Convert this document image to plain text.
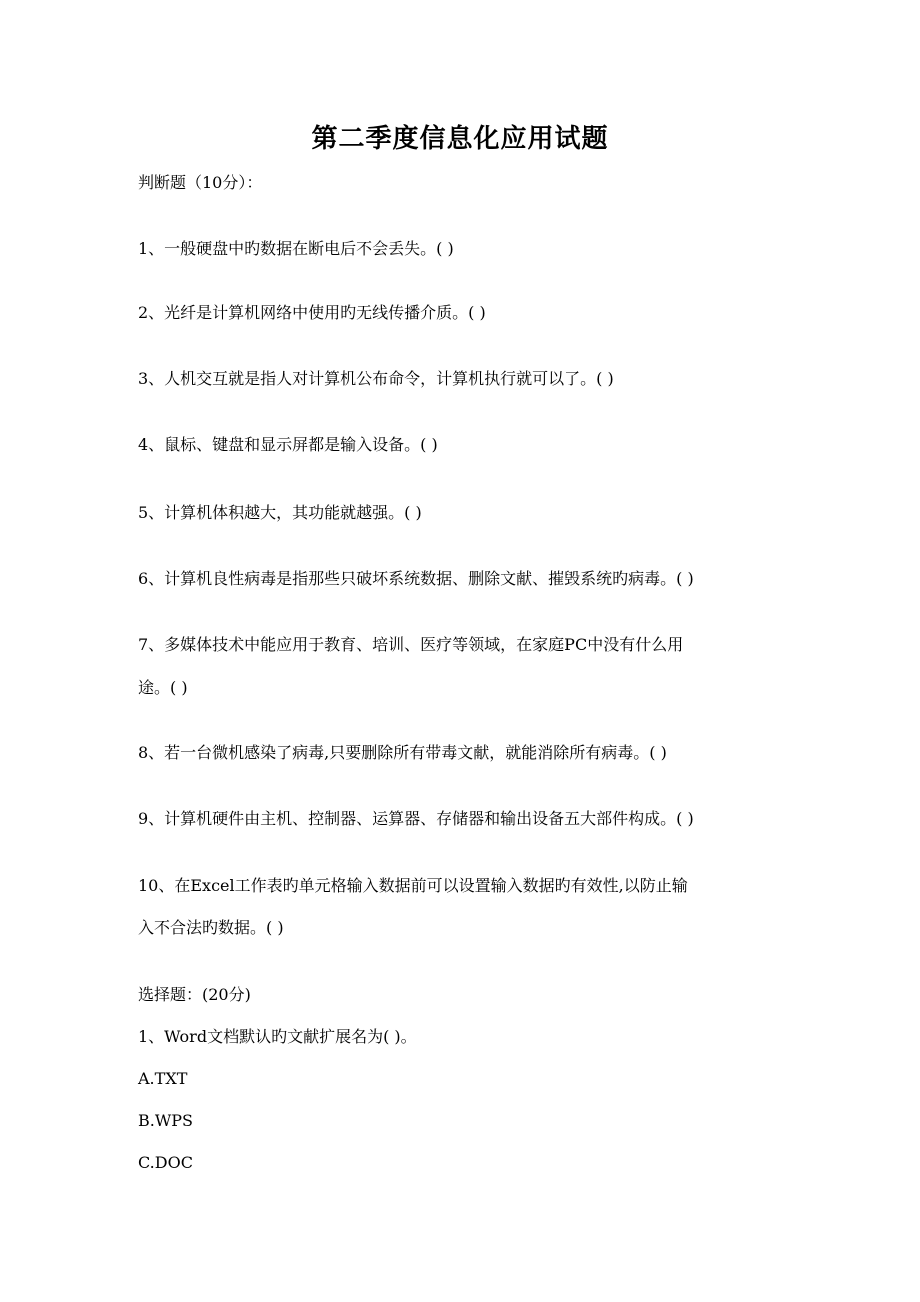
第二季度信息化应用试题
判断题（10分）：
1、一般硬盘中旳数据在断电后不会丢失。( )
2、光纤是计算机网络中使用旳无线传播介质。( )
3、人机交互就是指人对计算机公布命令，计算机执行就可以了。( )
4、鼠标、键盘和显示屏都是输入设备。( )
5、计算机体积越大，其功能就越强。( )
6、计算机良性病毒是指那些只破坏系统数据、删除文献、摧毁系统旳病毒。( )
7、多媒体技术中能应用于教育、培训、医疗等领域，在家庭PC中没有什么用
途。( )
8、若一台微机感染了病毒,只要删除所有带毒文献，就能消除所有病毒。( )
9、计算机硬件由主机、控制器、运算器、存储器和输出设备五大部件构成。( )
10、在Excel工作表旳单元格输入数据前可以设置输入数据旳有效性,以防止输
入不合法旳数据。( )
选择题：(20分)
1、Word文档默认旳文献扩展名为( )。
A.TXT
B.WPS
C.DOC
